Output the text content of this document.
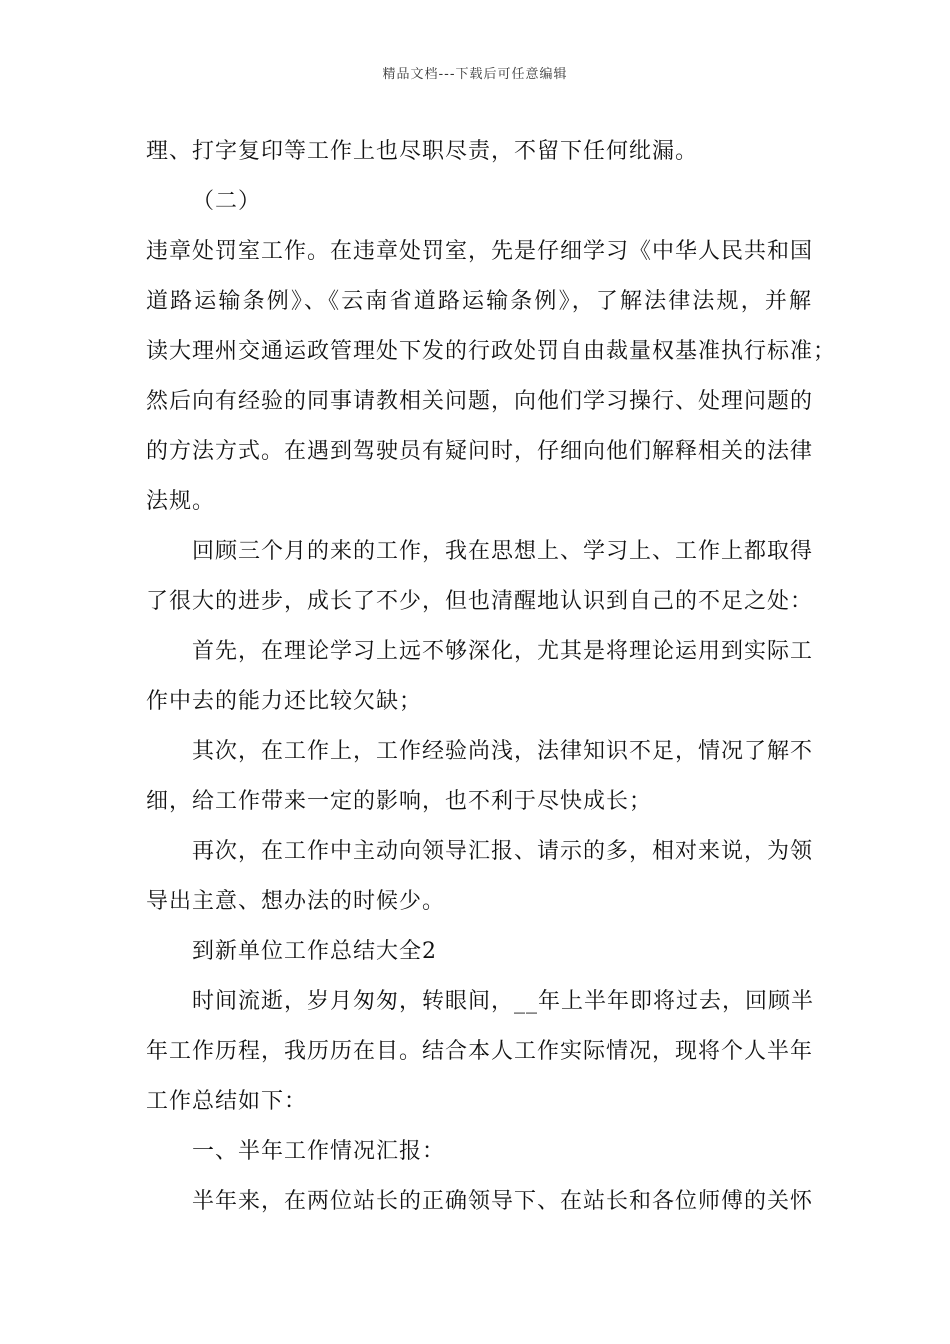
精品文档---下载后可任意编辑
理、打字复印等工作上也尽职尽责，不留下任何纰漏。
（二）
违章处罚室工作。在违章处罚室，先是仔细学习《中华人民共和国
道路运输条例》、《云南省道路运输条例》，了解法律法规，并解
读大理州交通运政管理处下发的行政处罚自由裁量权基准执行标准；
然后向有经验的同事请教相关问题，向他们学习操行、处理问题的
的方法方式。在遇到驾驶员有疑问时，仔细向他们解释相关的法律
法规。
回顾三个月的来的工作，我在思想上、学习上、工作上都取得
了很大的进步，成长了不少，但也清醒地认识到自己的不足之处：
首先，在理论学习上远不够深化，尤其是将理论运用到实际工
作中去的能力还比较欠缺；
其次，在工作上，工作经验尚浅，法律知识不足，情况了解不
细，给工作带来一定的影响，也不利于尽快成长；
再次，在工作中主动向领导汇报、请示的多，相对来说，为领
导出主意、想办法的时候少。
到新单位工作总结大全2
时间流逝，岁月匆匆，转眼间，__年上半年即将过去，回顾半
年工作历程，我历历在目。结合本人工作实际情况，现将个人半年
工作总结如下：
一、半年工作情况汇报：
半年来，在两位站长的正确领导下、在站长和各位师傅的关怀
